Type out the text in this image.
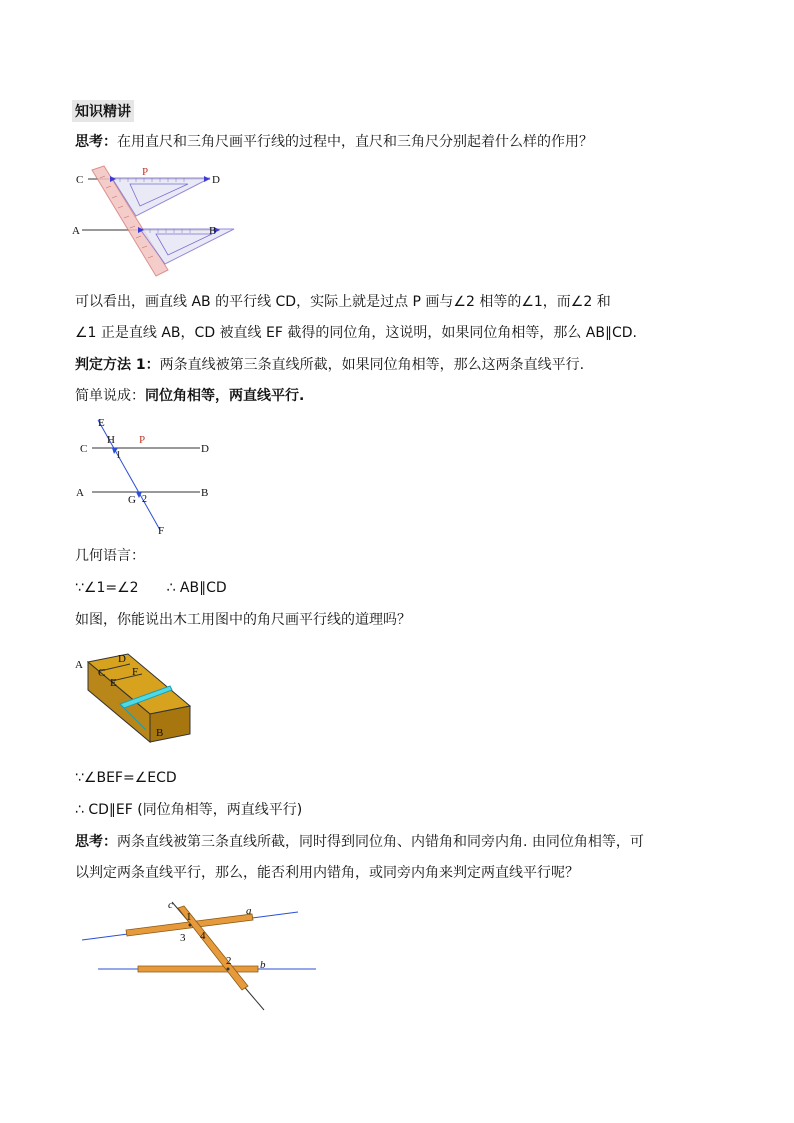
知识精讲
思考：在用直尺和三角尺画平行线的过程中，直尺和三角尺分别起着什么样的作用？
C	D
P
A	B
可以看出，画直线 AB 的平行线 CD，实际上就是过点 P 画与∠2 相等的∠1，而∠2 和
∠1 正是直线 AB，CD 被直线 EF 截得的同位角，这说明，如果同位角相等，那么 AB∥CD.
判定方法 1：两条直线被第三条直线所截，如果同位角相等，那么这两条直线平行.
简单说成：同位角相等，两直线平行.
E
H P
C	D
1
A	B
G 2
F
几何语言：
∵∠1=∠2　　∴ AB∥CD
如图，你能说出木工用图中的角尺画平行线的道理吗？
A	D
C F
E
B
∵∠BEF=∠ECD
∴ CD∥EF (同位角相等，两直线平行)
思考：两条直线被第三条直线所截，同时得到同位角、内错角和同旁内角. 由同位角相等，可
以判定两条直线平行，那么，能否利用内错角，或同旁内角来判定两直线平行呢？
c	a
b
1
3 4
2
